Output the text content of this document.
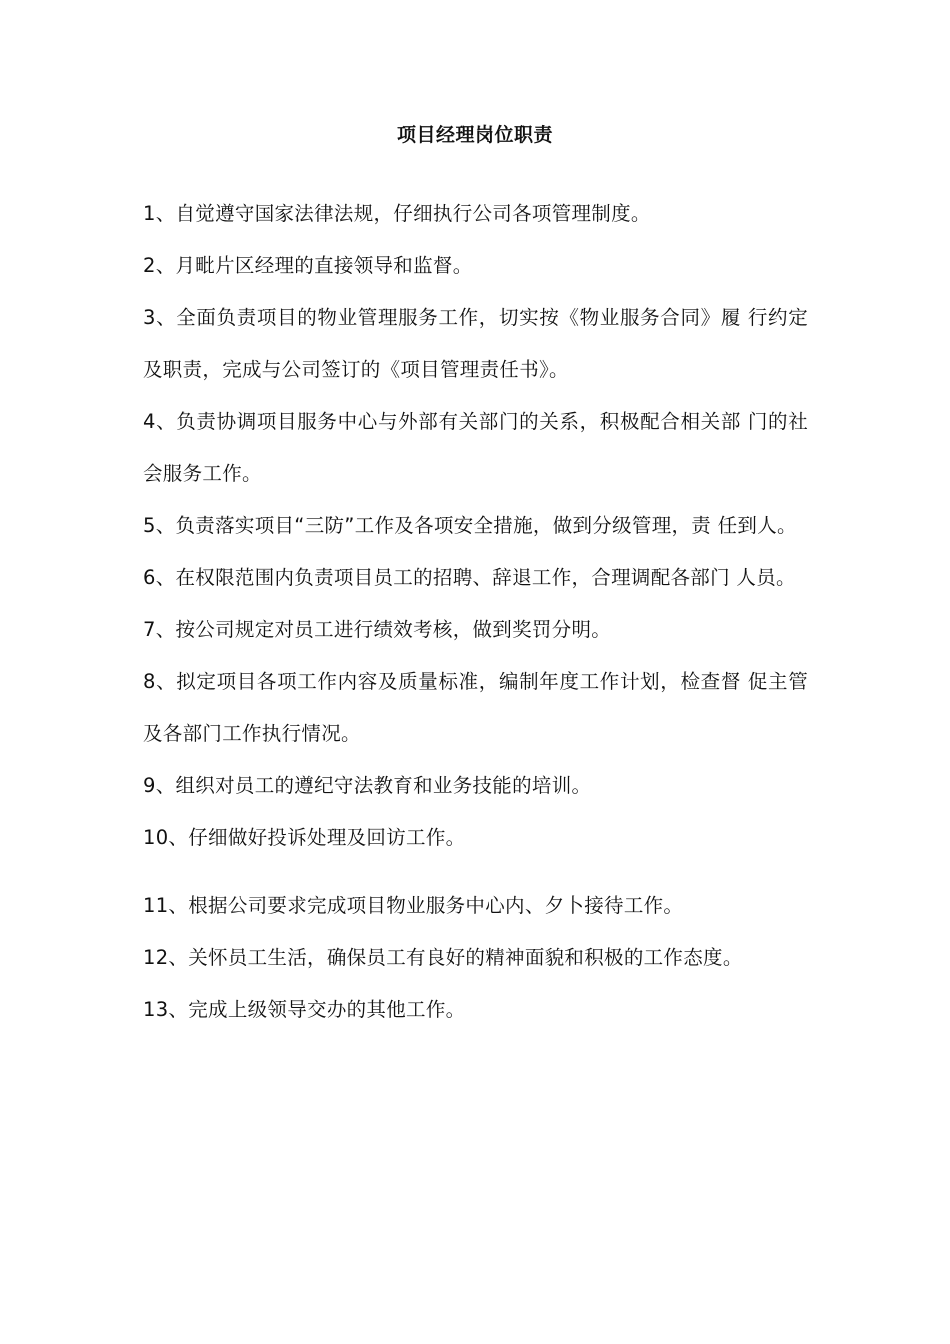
项目经理岗位职责

1、自觉遵守国家法律法规，仔细执行公司各项管理制度。

2、月毗片区经理的直接领导和监督。

3、全面负责项目的物业管理服务工作，切实按《物业服务合同》履 行约定及职责，完成与公司签订的《项目管理责任书》。

4、负责协调项目服务中心与外部有关部门的关系，积极配合相关部 门的社会服务工作。

5、负责落实项目“三防”工作及各项安全措施，做到分级管理，责 任到人。

6、在权限范围内负责项目员工的招聘、辞退工作，合理调配各部门 人员。

7、按公司规定对员工进行绩效考核，做到奖罚分明。

8、拟定项目各项工作内容及质量标准，编制年度工作计划，检查督 促主管及各部门工作执行情况。

9、组织对员工的遵纪守法教育和业务技能的培训。

10、仔细做好投诉处理及回访工作。

11、根据公司要求完成项目物业服务中心内、夕卜接待工作。

12、关怀员工生活，确保员工有良好的精神面貌和积极的工作态度。

13、完成上级领导交办的其他工作。
